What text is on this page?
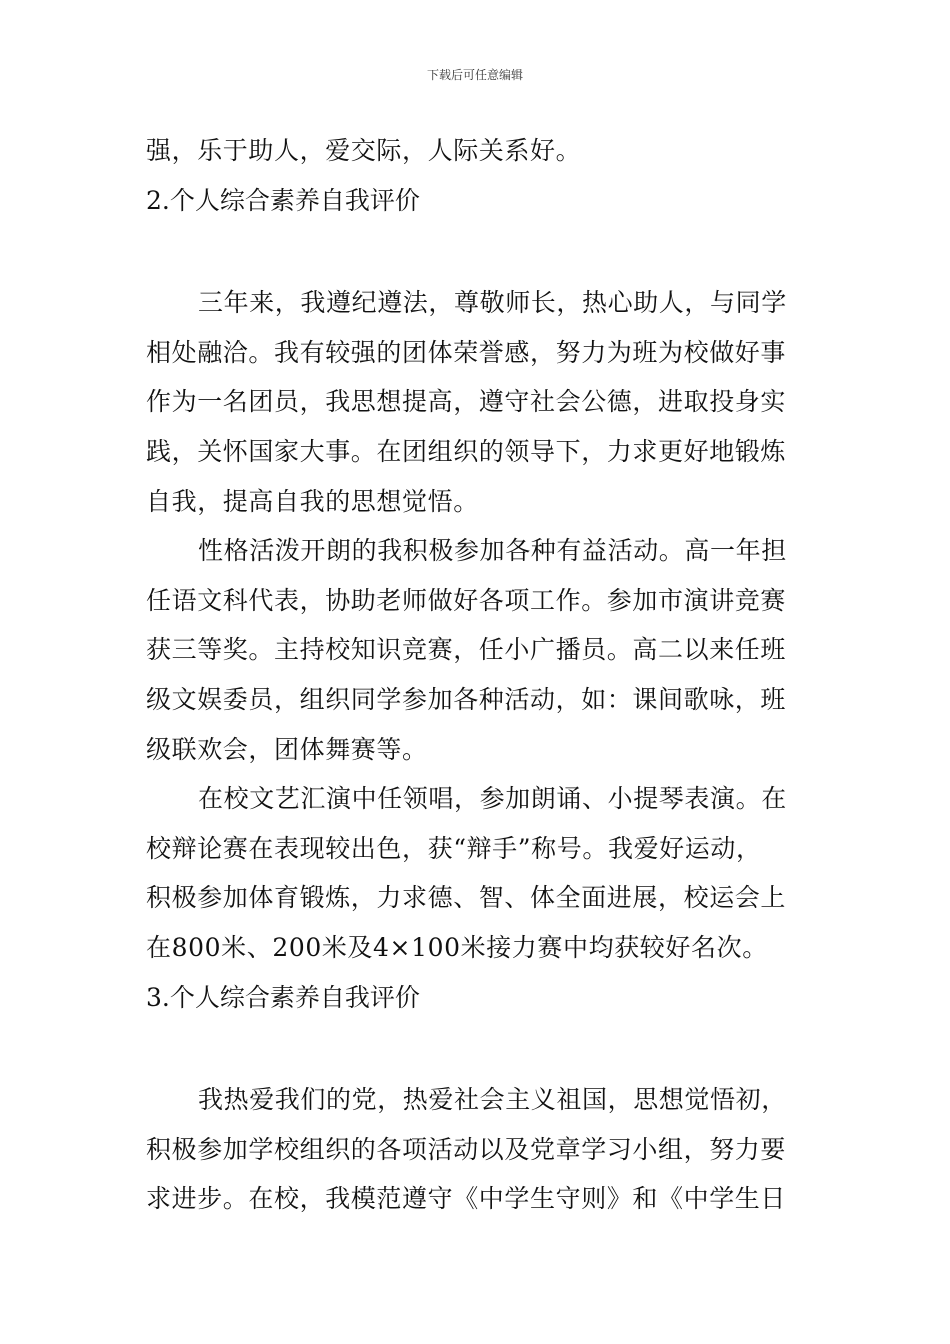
下载后可任意编辑
强，乐于助人，爱交际，人际关系好。
2.个人综合素养自我评价
三年来，我遵纪遵法，尊敬师长，热心助人，与同学
相处融洽。我有较强的团体荣誉感，努力为班为校做好事
作为一名团员，我思想提高，遵守社会公德，进取投身实
践，关怀国家大事。在团组织的领导下，力求更好地锻炼
自我，提高自我的思想觉悟。
性格活泼开朗的我积极参加各种有益活动。高一年担
任语文科代表，协助老师做好各项工作。参加市演讲竞赛
获三等奖。主持校知识竞赛，任小广播员。高二以来任班
级文娱委员，组织同学参加各种活动，如：课间歌咏，班
级联欢会，团体舞赛等。
在校文艺汇演中任领唱，参加朗诵、小提琴表演。在
校辩论赛在表现较出色，获“辩手”称号。我爱好运动，
积极参加体育锻炼，力求德、智、体全面进展，校运会上
在800米、200米及4×100米接力赛中均获较好名次。
3.个人综合素养自我评价
我热爱我们的党，热爱社会主义祖国，思想觉悟初，
积极参加学校组织的各项活动以及党章学习小组，努力要
求进步。在校，我模范遵守《中学生守则》和《中学生日
